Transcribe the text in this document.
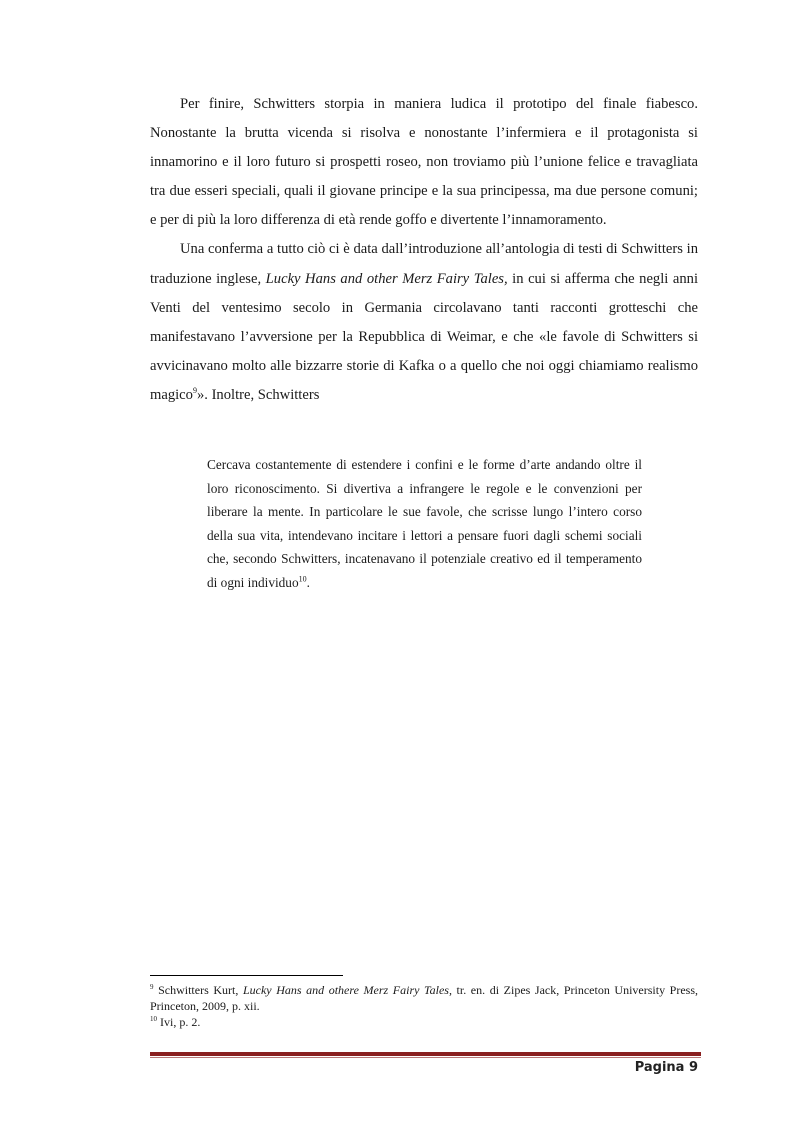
Per finire, Schwitters storpia in maniera ludica il prototipo del finale fiabesco. Nonostante la brutta vicenda si risolva e nonostante l’infermiera e il protagonista si innamorino e il loro futuro si prospetti roseo, non troviamo più l’unione felice e travagliata tra due esseri speciali, quali il giovane principe e la sua principessa, ma due persone comuni; e per di più la loro differenza di età rende goffo e divertente l’innamoramento.

Una conferma a tutto ciò ci è data dall’introduzione all’antologia di testi di Schwitters in traduzione inglese, Lucky Hans and other Merz Fairy Tales, in cui si afferma che negli anni Venti del ventesimo secolo in Germania circolavano tanti racconti grotteschi che manifestavano l’avversione per la Repubblica di Weimar, e che «le favole di Schwitters si avvicinavano molto alle bizzarre storie di Kafka o a quello che noi oggi chiamiamo realismo magico$^9$». Inoltre, Schwitters

Cercava costantemente di estendere i confini e le forme d’arte andando oltre il loro riconoscimento. Si divertiva a infrangere le regole e le convenzioni per liberare la mente. In particolare le sue favole, che scrisse lungo l’intero corso della sua vita, intendevano incitare i lettori a pensare fuori dagli schemi sociali che, secondo Schwitters, incatenavano il potenziale creativo ed il temperamento di ogni individuo$^{10}$.

$^9$ Schwitters Kurt, Lucky Hans and othere Merz Fairy Tales, tr. en. di Zipes Jack, Princeton University Press, Princeton, 2009, p. xii.

$^{10}$ Ivi, p. 2.

Pagina 9
